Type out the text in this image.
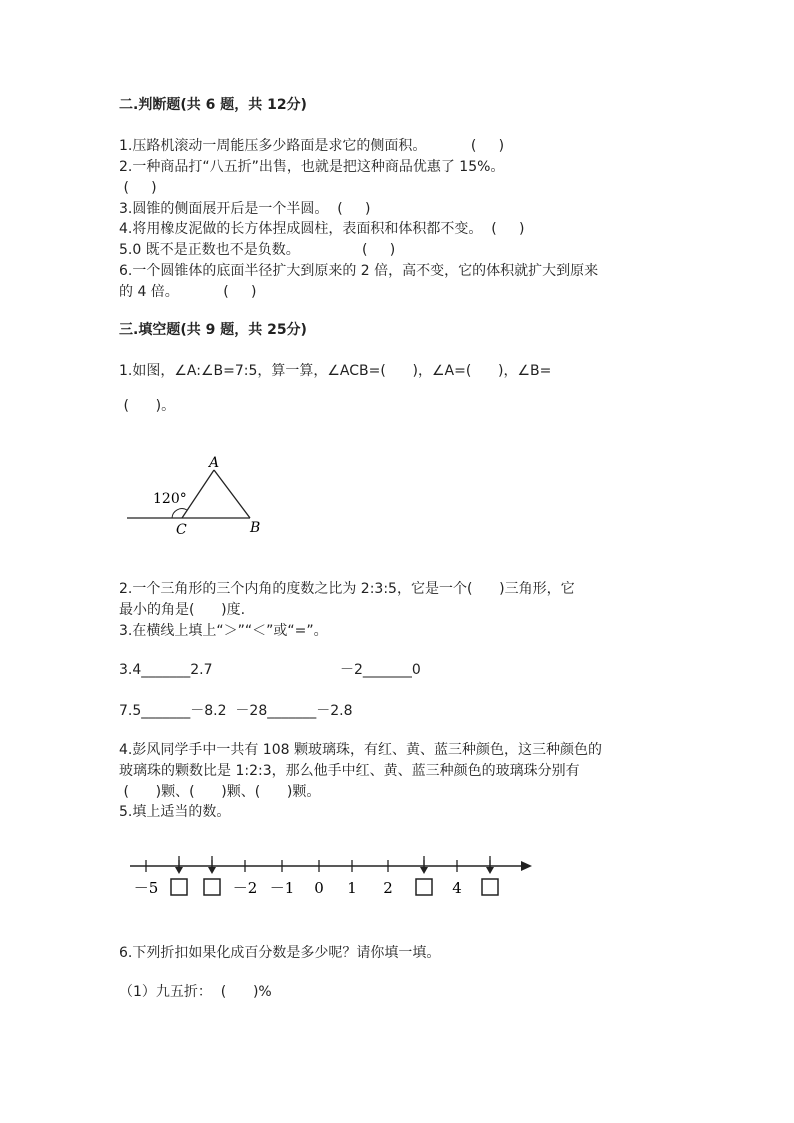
二.判断题(共 6 题，共 12分)
1.压路机滚动一周能压多少路面是求它的侧面积。          (     )
2.一种商品打“八五折”出售，也就是把这种商品优惠了 15%。
(     )
3.圆锥的侧面展开后是一个半圆。  (     )
4.将用橡皮泥做的长方体捏成圆柱，表面积和体积都不变。  (     )
5.0 既不是正数也不是负数。              (     )
6.一个圆锥体的底面半径扩大到原来的 2 倍，高不变，它的体积就扩大到原来
的 4 倍。          (     )
三.填空题(共 9 题，共 25分)
1.如图，∠A:∠B=7:5，算一算，∠ACB=(      )，∠A=(      )，∠B=
(      )。
A
B
C
120°
2.一个三角形的三个内角的度数之比为 2:3:5，它是一个(      )三角形，它
最小的角是(      )度.
3.在横线上填上“＞”“＜”或“=”。
3.4_______2.7	－2_______0
7.5_______－8.2  －28_______－2.8
4.彭风同学手中一共有 108 颗玻璃珠，有红、黄、蓝三种颜色，这三种颜色的
玻璃珠的颗数比是 1:2:3，那么他手中红、黄、蓝三种颜色的玻璃珠分别有
(      )颗、(      )颗、(      )颗。
5.填上适当的数。
－5	－2 －1 0 1 2	4
6.下列折扣如果化成百分数是多少呢？请你填一填。
（1）九五折：  (      )%
